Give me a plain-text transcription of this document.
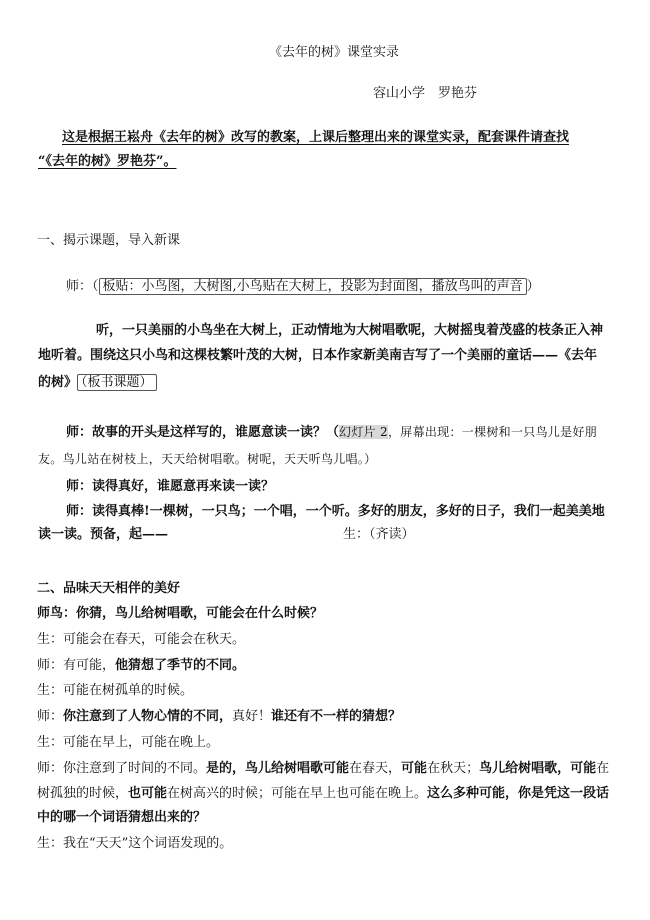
《去年的树》课堂实录
容山小学　罗艳芬
这是根据王崧舟《去年的树》改写的教案，上课后整理出来的课堂实录，配套课件请查找
“《去年的树》罗艳芬”。
一、揭示课题，导入新课
师：（ 板贴：小鸟图，大树图,小鸟贴在大树上，投影为封面图，播放鸟叫的声音 ）
听，一只美丽的小鸟坐在大树上，正动情地为大树唱歌呢，大树摇曳着茂盛的枝条正入神
地听着。围绕这只小鸟和这棵枝繁叶茂的大树，日本作家新美南吉写了一个美丽的童话——《去年
的树》 （板书课题）
师：故事的开头是这样写的，谁愿意读一读？（幻灯片 2，屏幕出现：一棵树和一只鸟儿是好朋
友。鸟儿站在树枝上，天天给树唱歌。树呢，天天听鸟儿唱。）
师：读得真好，谁愿意再来读一读？
师：读得真棒!一棵树，一只鸟；一个唱，一个听。多好的朋友，多好的日子，我们一起美美地
读一读。预备，起——	生：（齐读）
二、品味天天相伴的美好
师鸟：你猜，鸟儿给树唱歌，可能会在什么时候？
生：可能会在春天，可能会在秋天。
师：有可能，他猜想了季节的不同。
生：可能在树孤单的时候。
师：你注意到了人物心情的不同，真好！谁还有不一样的猜想？
生：可能在早上，可能在晚上。
师：你注意到了时间的不同。是的，鸟儿给树唱歌可能在春天，可能在秋天；鸟儿给树唱歌，可能在
树孤独的时候，也可能在树高兴的时候；可能在早上也可能在晚上。这么多种可能，你是凭这一段话
中的哪一个词语猜想出来的？
生：我在“天天”这个词语发现的。
